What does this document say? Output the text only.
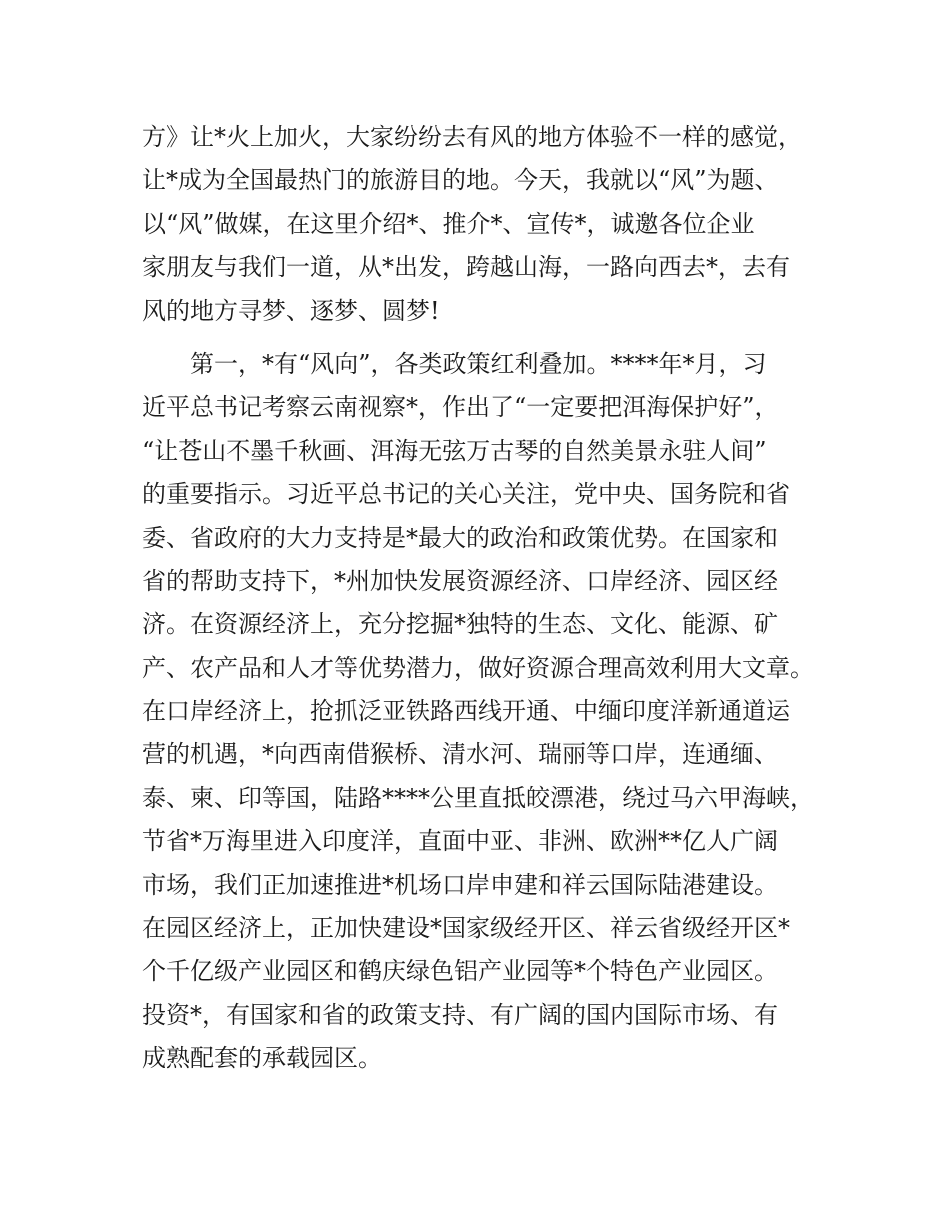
方》让*火上加火，大家纷纷去有风的地方体验不一样的感觉，
让*成为全国最热门的旅游目的地。今天，我就以“风”为题、
以“风”做媒，在这里介绍*、推介*、宣传*，诚邀各位企业
家朋友与我们一道，从*出发，跨越山海，一路向西去*，去有
风的地方寻梦、逐梦、圆梦!
第一，*有“风向”，各类政策红利叠加。****年*月，习
近平总书记考察云南视察*，作出了“一定要把洱海保护好”，
“让苍山不墨千秋画、洱海无弦万古琴的自然美景永驻人间”
的重要指示。习近平总书记的关心关注，党中央、国务院和省
委、省政府的大力支持是*最大的政治和政策优势。在国家和
省的帮助支持下，*州加快发展资源经济、口岸经济、园区经
济。在资源经济上，充分挖掘*独特的生态、文化、能源、矿
产、农产品和人才等优势潜力，做好资源合理高效利用大文章。
在口岸经济上，抢抓泛亚铁路西线开通、中缅印度洋新通道运
营的机遇，*向西南借猴桥、清水河、瑞丽等口岸，连通缅、
泰、柬、印等国，陆路****公里直抵皎漂港，绕过马六甲海峡，
节省*万海里进入印度洋，直面中亚、非洲、欧洲**亿人广阔
市场，我们正加速推进*机场口岸申建和祥云国际陆港建设。
在园区经济上，正加快建设*国家级经开区、祥云省级经开区*
个千亿级产业园区和鹤庆绿色铝产业园等*个特色产业园区。
投资*，有国家和省的政策支持、有广阔的国内国际市场、有
成熟配套的承载园区。
